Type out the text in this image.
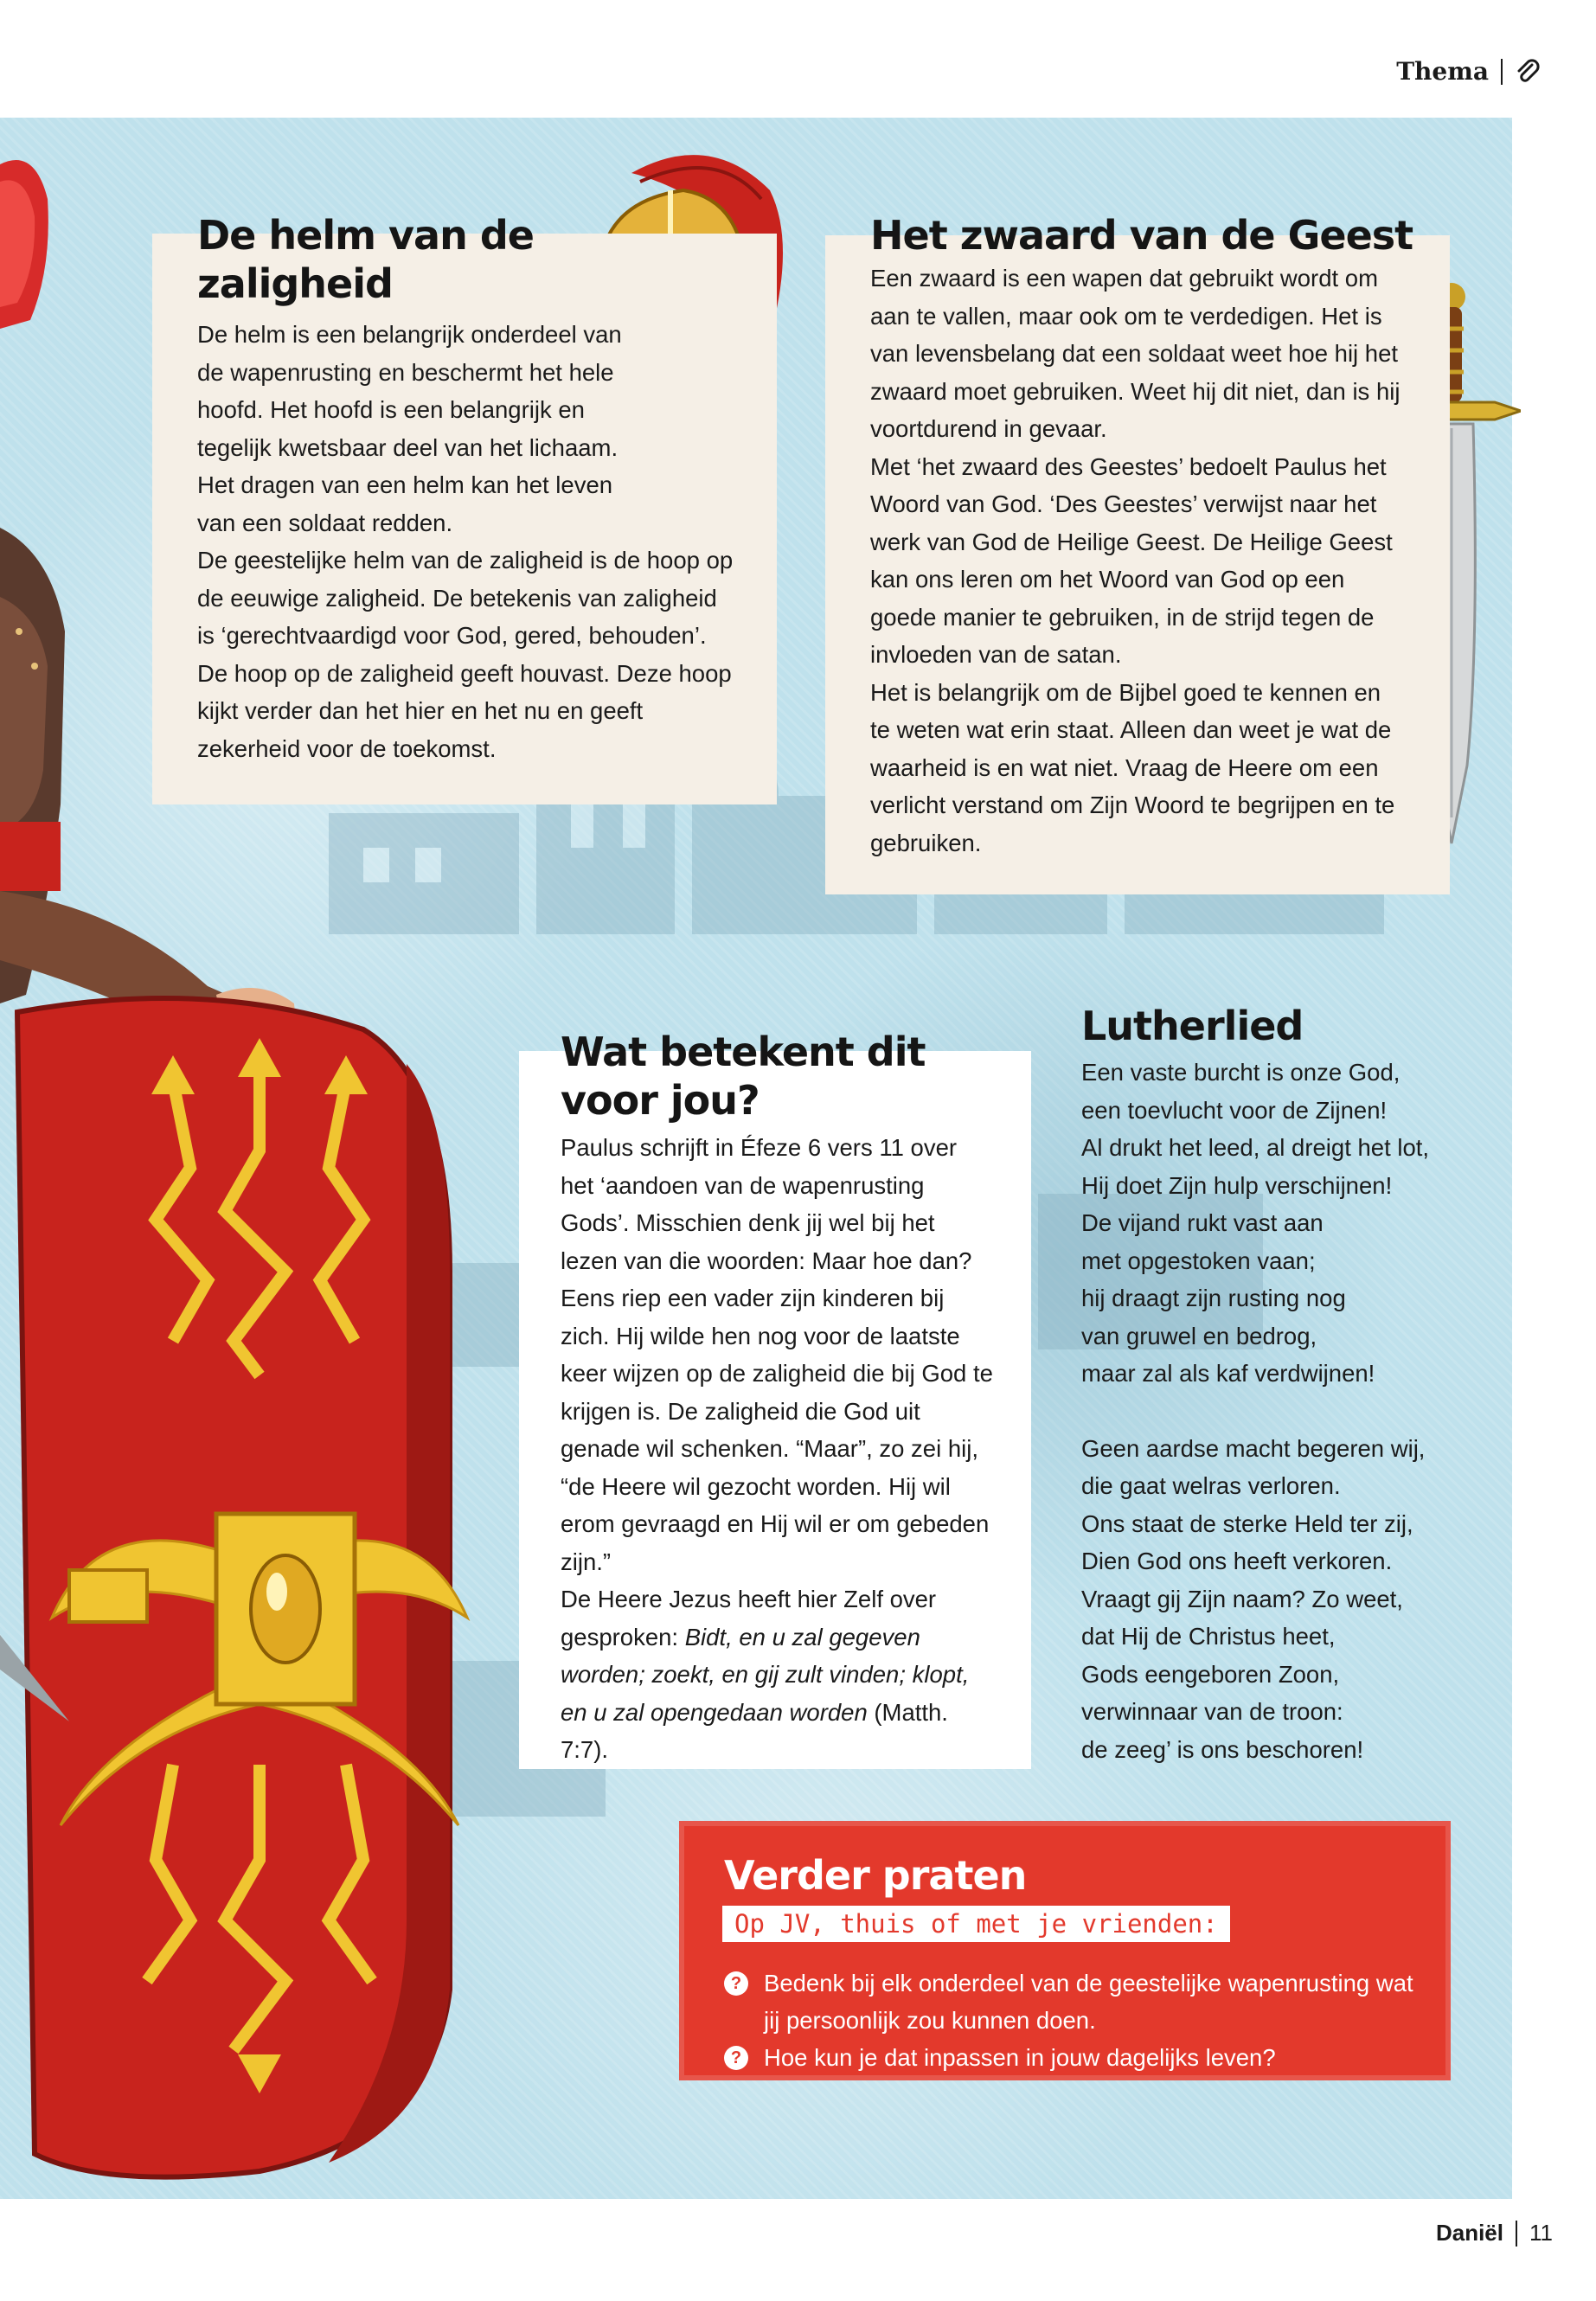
Thema
De helm van de zaligheid

De helm is een belangrijk onderdeel van de wapenrusting en beschermt het hele hoofd. Het hoofd is een belangrijk en tegelijk kwetsbaar deel van het lichaam. Het dragen van een helm kan het leven van een soldaat redden.

De geestelijke helm van de zaligheid is de hoop op de eeuwige zaligheid. De betekenis van zaligheid is ‘gerechtvaardigd voor God, gered, behouden’. De hoop op de zaligheid geeft houvast. Deze hoop kijkt verder dan het hier en het nu en geeft zekerheid voor de toekomst.

Het zwaard van de Geest

Een zwaard is een wapen dat gebruikt wordt om aan te vallen, maar ook om te verdedigen. Het is van levensbelang dat een soldaat weet hoe hij het zwaard moet gebruiken. Weet hij dit niet, dan is hij voortdurend in gevaar.

Met ‘het zwaard des Geestes’ bedoelt Paulus het Woord van God. ‘Des Geestes’ verwijst naar het werk van God de Heilige Geest. De Heilige Geest kan ons leren om het Woord van God op een goede manier te gebruiken, in de strijd tegen de invloeden van de satan.

Het is belangrijk om de Bijbel goed te kennen en te weten wat erin staat. Alleen dan weet je wat de waarheid is en wat niet. Vraag de Heere om een verlicht verstand om Zijn Woord te begrijpen en te gebruiken.

Wat betekent dit voor jou?

Paulus schrijft in Éfeze 6 vers 11 over het ‘aandoen van de wapenrusting Gods’. Misschien denk jij wel bij het lezen van die woorden: Maar hoe dan? Eens riep een vader zijn kinderen bij zich. Hij wilde hen nog voor de laatste keer wijzen op de zaligheid die bij God te krijgen is. De zaligheid die God uit genade wil schenken. “Maar”, zo zei hij, “de Heere wil gezocht worden. Hij wil erom gevraagd en Hij wil er om gebeden zijn.”

De Heere Jezus heeft hier Zelf over gesproken: Bidt, en u zal gegeven worden; zoekt, en gij zult vinden; klopt, en u zal opengedaan worden (Matth. 7:7).

Lutherlied
Een vaste burcht is onze God,
een toevlucht voor de Zijnen!
Al drukt het leed, al dreigt het lot,
Hij doet Zijn hulp verschijnen!
De vijand rukt vast aan
met opgestoken vaan;
hij draagt zijn rusting nog
van gruwel en bedrog,
maar zal als kaf verdwijnen!
Geen aardse macht begeren wij,
die gaat welras verloren.
Ons staat de sterke Held ter zij,
Dien God ons heeft verkoren.
Vraagt gij Zijn naam? Zo weet,
dat Hij de Christus heet,
Gods eengeboren Zoon,
verwinnaar van de troon:
de zeeg’ is ons beschoren!
Verder praten
Op JV, thuis of met je vrienden:
? Bedenk bij elk onderdeel van de geestelijke wapenrusting wat jij persoonlijk zou kunnen doen.
? Hoe kun je dat inpassen in jouw dagelijks leven?
Daniël 11
